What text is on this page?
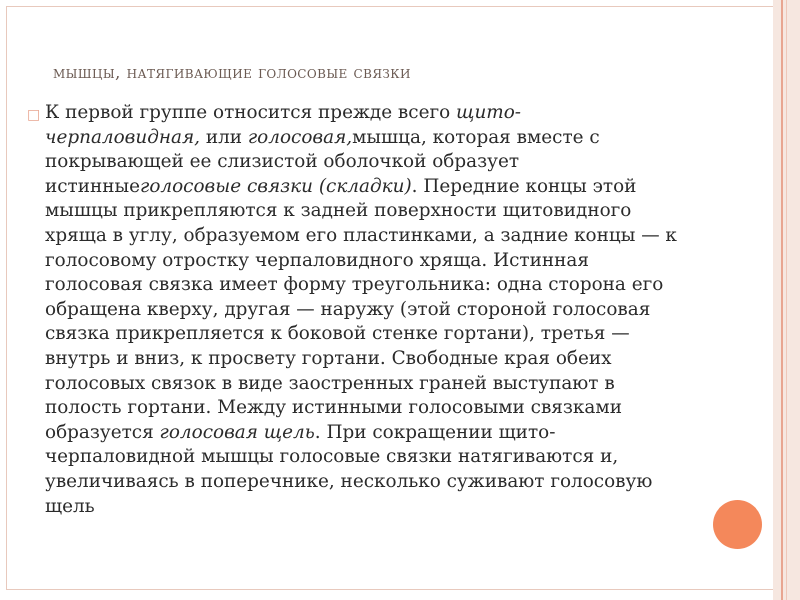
мышцы, натягивающие голосовые связки
□ К первой группе относится прежде всего щито-
черпаловидная, или голосовая,мышца, которая вместе с
покрывающей ее слизистой оболочкой образует
истинныеголосовые связки (складки). Передние концы этой
мышцы прикрепляются к задней поверхности щитовидного
хряща в углу, образуемом его пластинками, а задние концы — к
голосовому отростку черпаловидного хряща. Истинная
голосовая связка имеет форму треугольника: одна сторона его
обращена кверху, другая — наружу (этой стороной голосовая
связка прикрепляется к боковой стенке гортани), третья —
внутрь и вниз, к просвету гортани. Свободные края обеих
голосовых связок в виде заостренных граней выступают в
полость гортани. Между истинными голосовыми связками
образуется голосовая щель. При сокращении щито-
черпаловидной мышцы голосовые связки натягиваются и,
увеличиваясь в поперечнике, несколько суживают голосовую
щель
